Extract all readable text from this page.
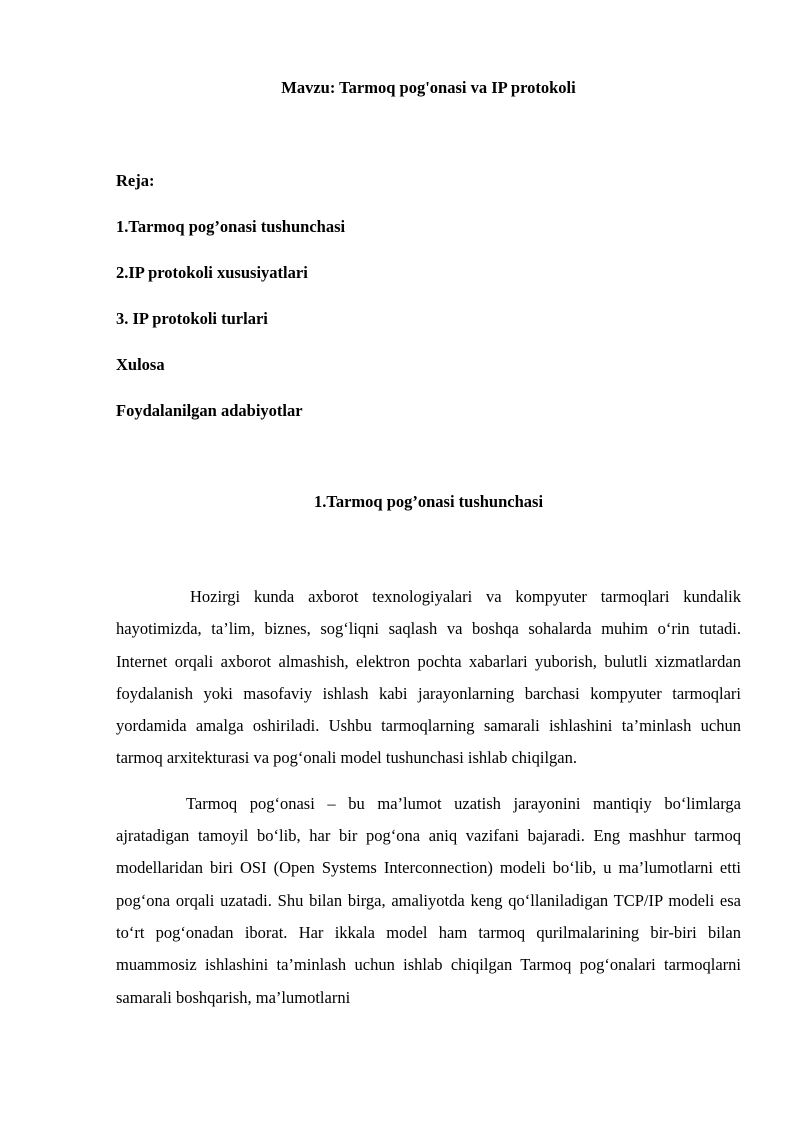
Mavzu: Tarmoq pog'onasi va IP protokoli

Reja:

1.Tarmoq pog’onasi tushunchasi

2.IP protokoli xususiyatlari

3. IP protokoli turlari

Xulosa

Foydalanilgan adabiyotlar

1.Tarmoq pog’onasi tushunchasi

Hozirgi kunda axborot texnologiyalari va kompyuter tarmoqlari kundalik hayotimizda, ta’lim, biznes, sog‘liqni saqlash va boshqa sohalarda muhim o‘rin tutadi. Internet orqali axborot almashish, elektron pochta xabarlari yuborish, bulutli xizmatlardan foydalanish yoki masofaviy ishlash kabi jarayonlarning barchasi kompyuter tarmoqlari yordamida amalga oshiriladi. Ushbu tarmoqlarning samarali ishlashini ta’minlash uchun tarmoq arxitekturasi va pog‘onali model tushunchasi ishlab chiqilgan.

Tarmoq pog‘onasi – bu ma’lumot uzatish jarayonini mantiqiy bo‘limlarga ajratadigan tamoyil bo‘lib, har bir pog‘ona aniq vazifani bajaradi. Eng mashhur tarmoq modellaridan biri OSI (Open Systems Interconnection) modeli bo‘lib, u ma’lumotlarni etti pog‘ona orqali uzatadi. Shu bilan birga, amaliyotda keng qo‘llaniladigan TCP/IP modeli esa to‘rt pog‘onadan iborat. Har ikkala model ham tarmoq qurilmalarining bir-biri bilan muammosiz ishlashini ta’minlash uchun ishlab chiqilgan Tarmoq pog‘onalari tarmoqlarni samarali boshqarish, ma’lumotlarni
